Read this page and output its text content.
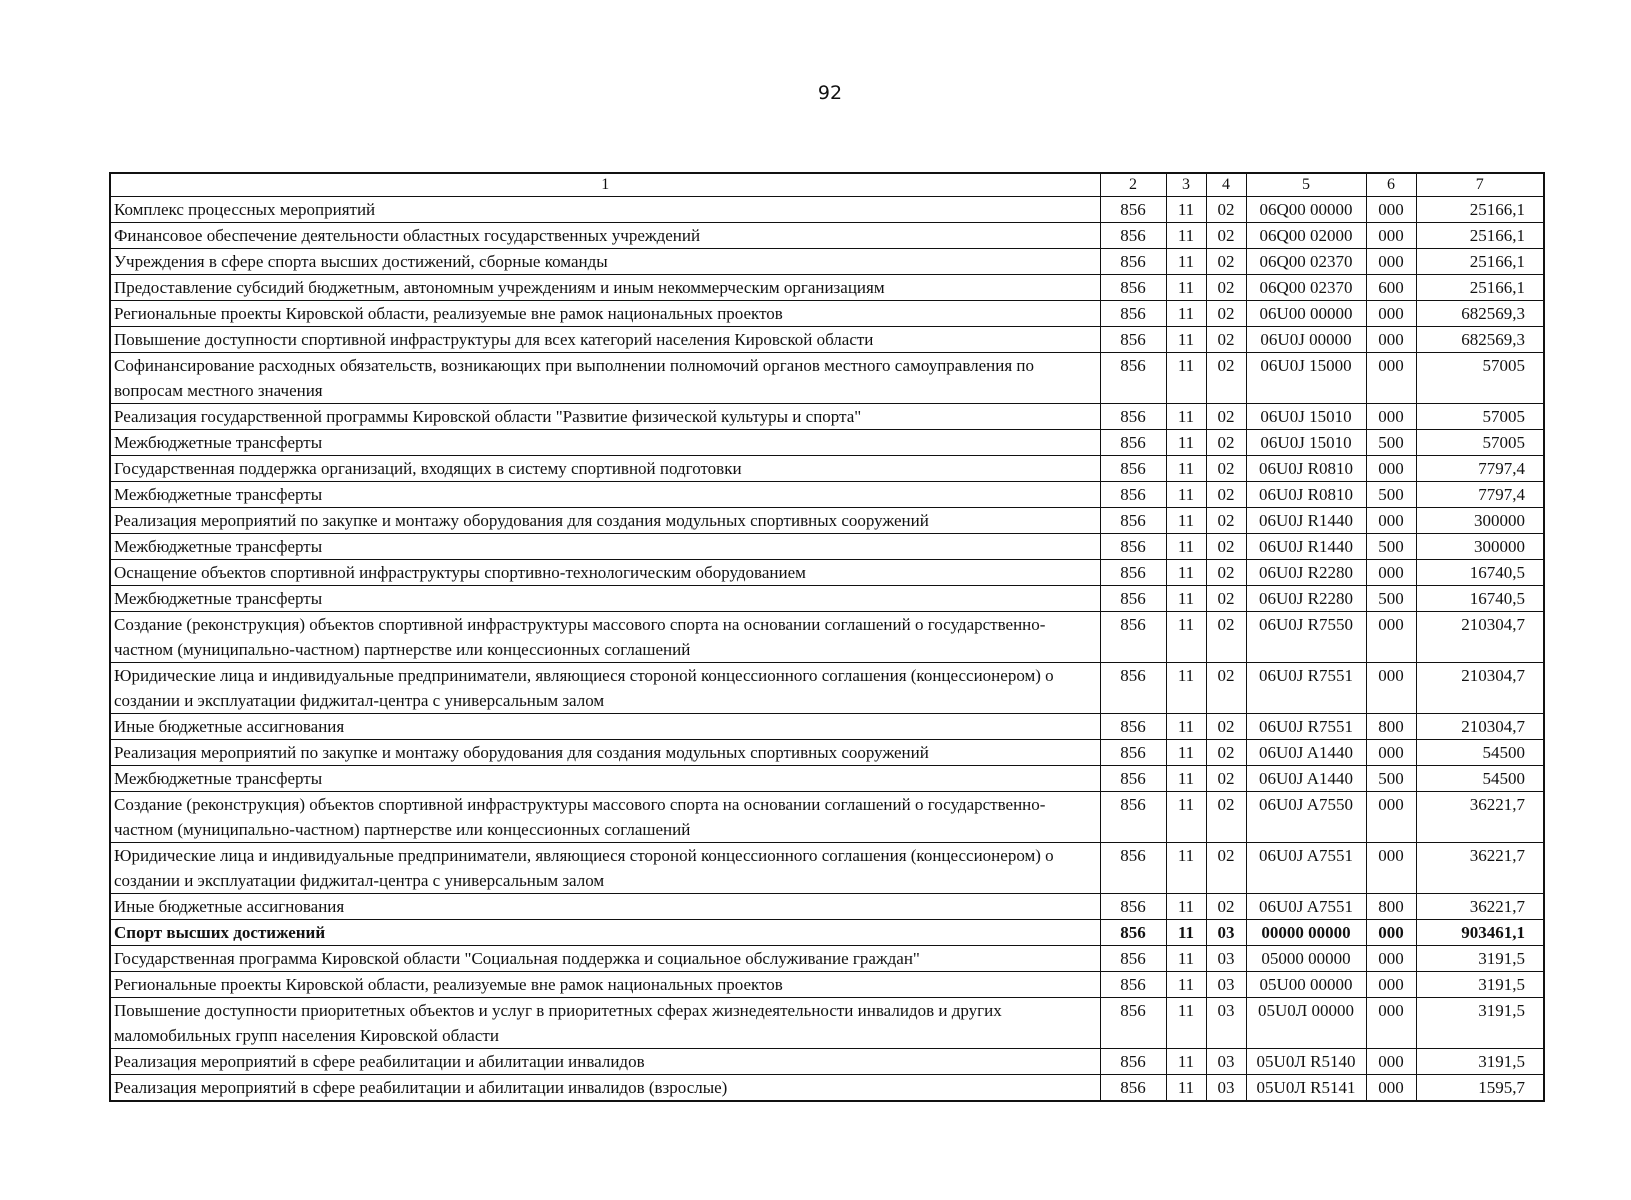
92
1	2	3	4	5	6	7
Комплекс процессных мероприятий	856	11	02	06Q00 00000	000	25166,1
Финансовое обеспечение деятельности областных государственных учреждений	856	11	02	06Q00 02000	000	25166,1
Учреждения в сфере спорта высших достижений, сборные команды	856	11	02	06Q00 02370	000	25166,1
Предоставление субсидий бюджетным, автономным учреждениям и иным некоммерческим организациям	856	11	02	06Q00 02370	600	25166,1
Региональные проекты Кировской области, реализуемые вне рамок национальных проектов	856	11	02	06U00 00000	000	682569,3
Повышение доступности спортивной инфраструктуры для всех категорий населения Кировской области	856	11	02	06U0J 00000	000	682569,3
Софинансирование расходных обязательств, возникающих при выполнении полномочий органов местного самоуправления по вопросам местного значения	856	11	02	06U0J 15000	000	57005
Реализация государственной программы Кировской области "Развитие физической культуры и спорта"	856	11	02	06U0J 15010	000	57005
Межбюджетные трансферты	856	11	02	06U0J 15010	500	57005
Государственная поддержка организаций, входящих в систему спортивной подготовки	856	11	02	06U0J R0810	000	7797,4
Межбюджетные трансферты	856	11	02	06U0J R0810	500	7797,4
Реализация мероприятий по закупке и монтажу оборудования для создания модульных спортивных сооружений	856	11	02	06U0J R1440	000	300000
Межбюджетные трансферты	856	11	02	06U0J R1440	500	300000
Оснащение объектов спортивной инфраструктуры спортивно-технологическим оборудованием	856	11	02	06U0J R2280	000	16740,5
Межбюджетные трансферты	856	11	02	06U0J R2280	500	16740,5
Создание (реконструкция) объектов спортивной инфраструктуры массового спорта на основании соглашений о государственно-частном (муниципально-частном) партнерстве или концессионных соглашений	856	11	02	06U0J R7550	000	210304,7
Юридические лица и индивидуальные предприниматели, являющиеся стороной концессионного соглашения (концессионером) о создании и эксплуатации фиджитал-центра с универсальным залом	856	11	02	06U0J R7551	000	210304,7
Иные бюджетные ассигнования	856	11	02	06U0J R7551	800	210304,7
Реализация мероприятий по закупке и монтажу оборудования для создания модульных спортивных сооружений	856	11	02	06U0J A1440	000	54500
Межбюджетные трансферты	856	11	02	06U0J A1440	500	54500
Создание (реконструкция) объектов спортивной инфраструктуры массового спорта на основании соглашений о государственно-частном (муниципально-частном) партнерстве или концессионных соглашений	856	11	02	06U0J A7550	000	36221,7
Юридические лица и индивидуальные предприниматели, являющиеся стороной концессионного соглашения (концессионером) о создании и эксплуатации фиджитал-центра с универсальным залом	856	11	02	06U0J A7551	000	36221,7
Иные бюджетные ассигнования	856	11	02	06U0J A7551	800	36221,7
Спорт высших достижений	856	11	03	00000 00000	000	903461,1
Государственная программа Кировской области "Социальная поддержка и социальное обслуживание граждан"	856	11	03	05000 00000	000	3191,5
Региональные проекты Кировской области, реализуемые вне рамок национальных проектов	856	11	03	05U00 00000	000	3191,5
Повышение доступности приоритетных объектов и услуг в приоритетных сферах жизнедеятельности инвалидов и других маломобильных групп населения Кировской области	856	11	03	05U0Л 00000	000	3191,5
Реализация мероприятий в сфере реабилитации и абилитации инвалидов	856	11	03	05U0Л R5140	000	3191,5
Реализация мероприятий в сфере реабилитации и абилитации инвалидов (взрослые)	856	11	03	05U0Л R5141	000	1595,7
